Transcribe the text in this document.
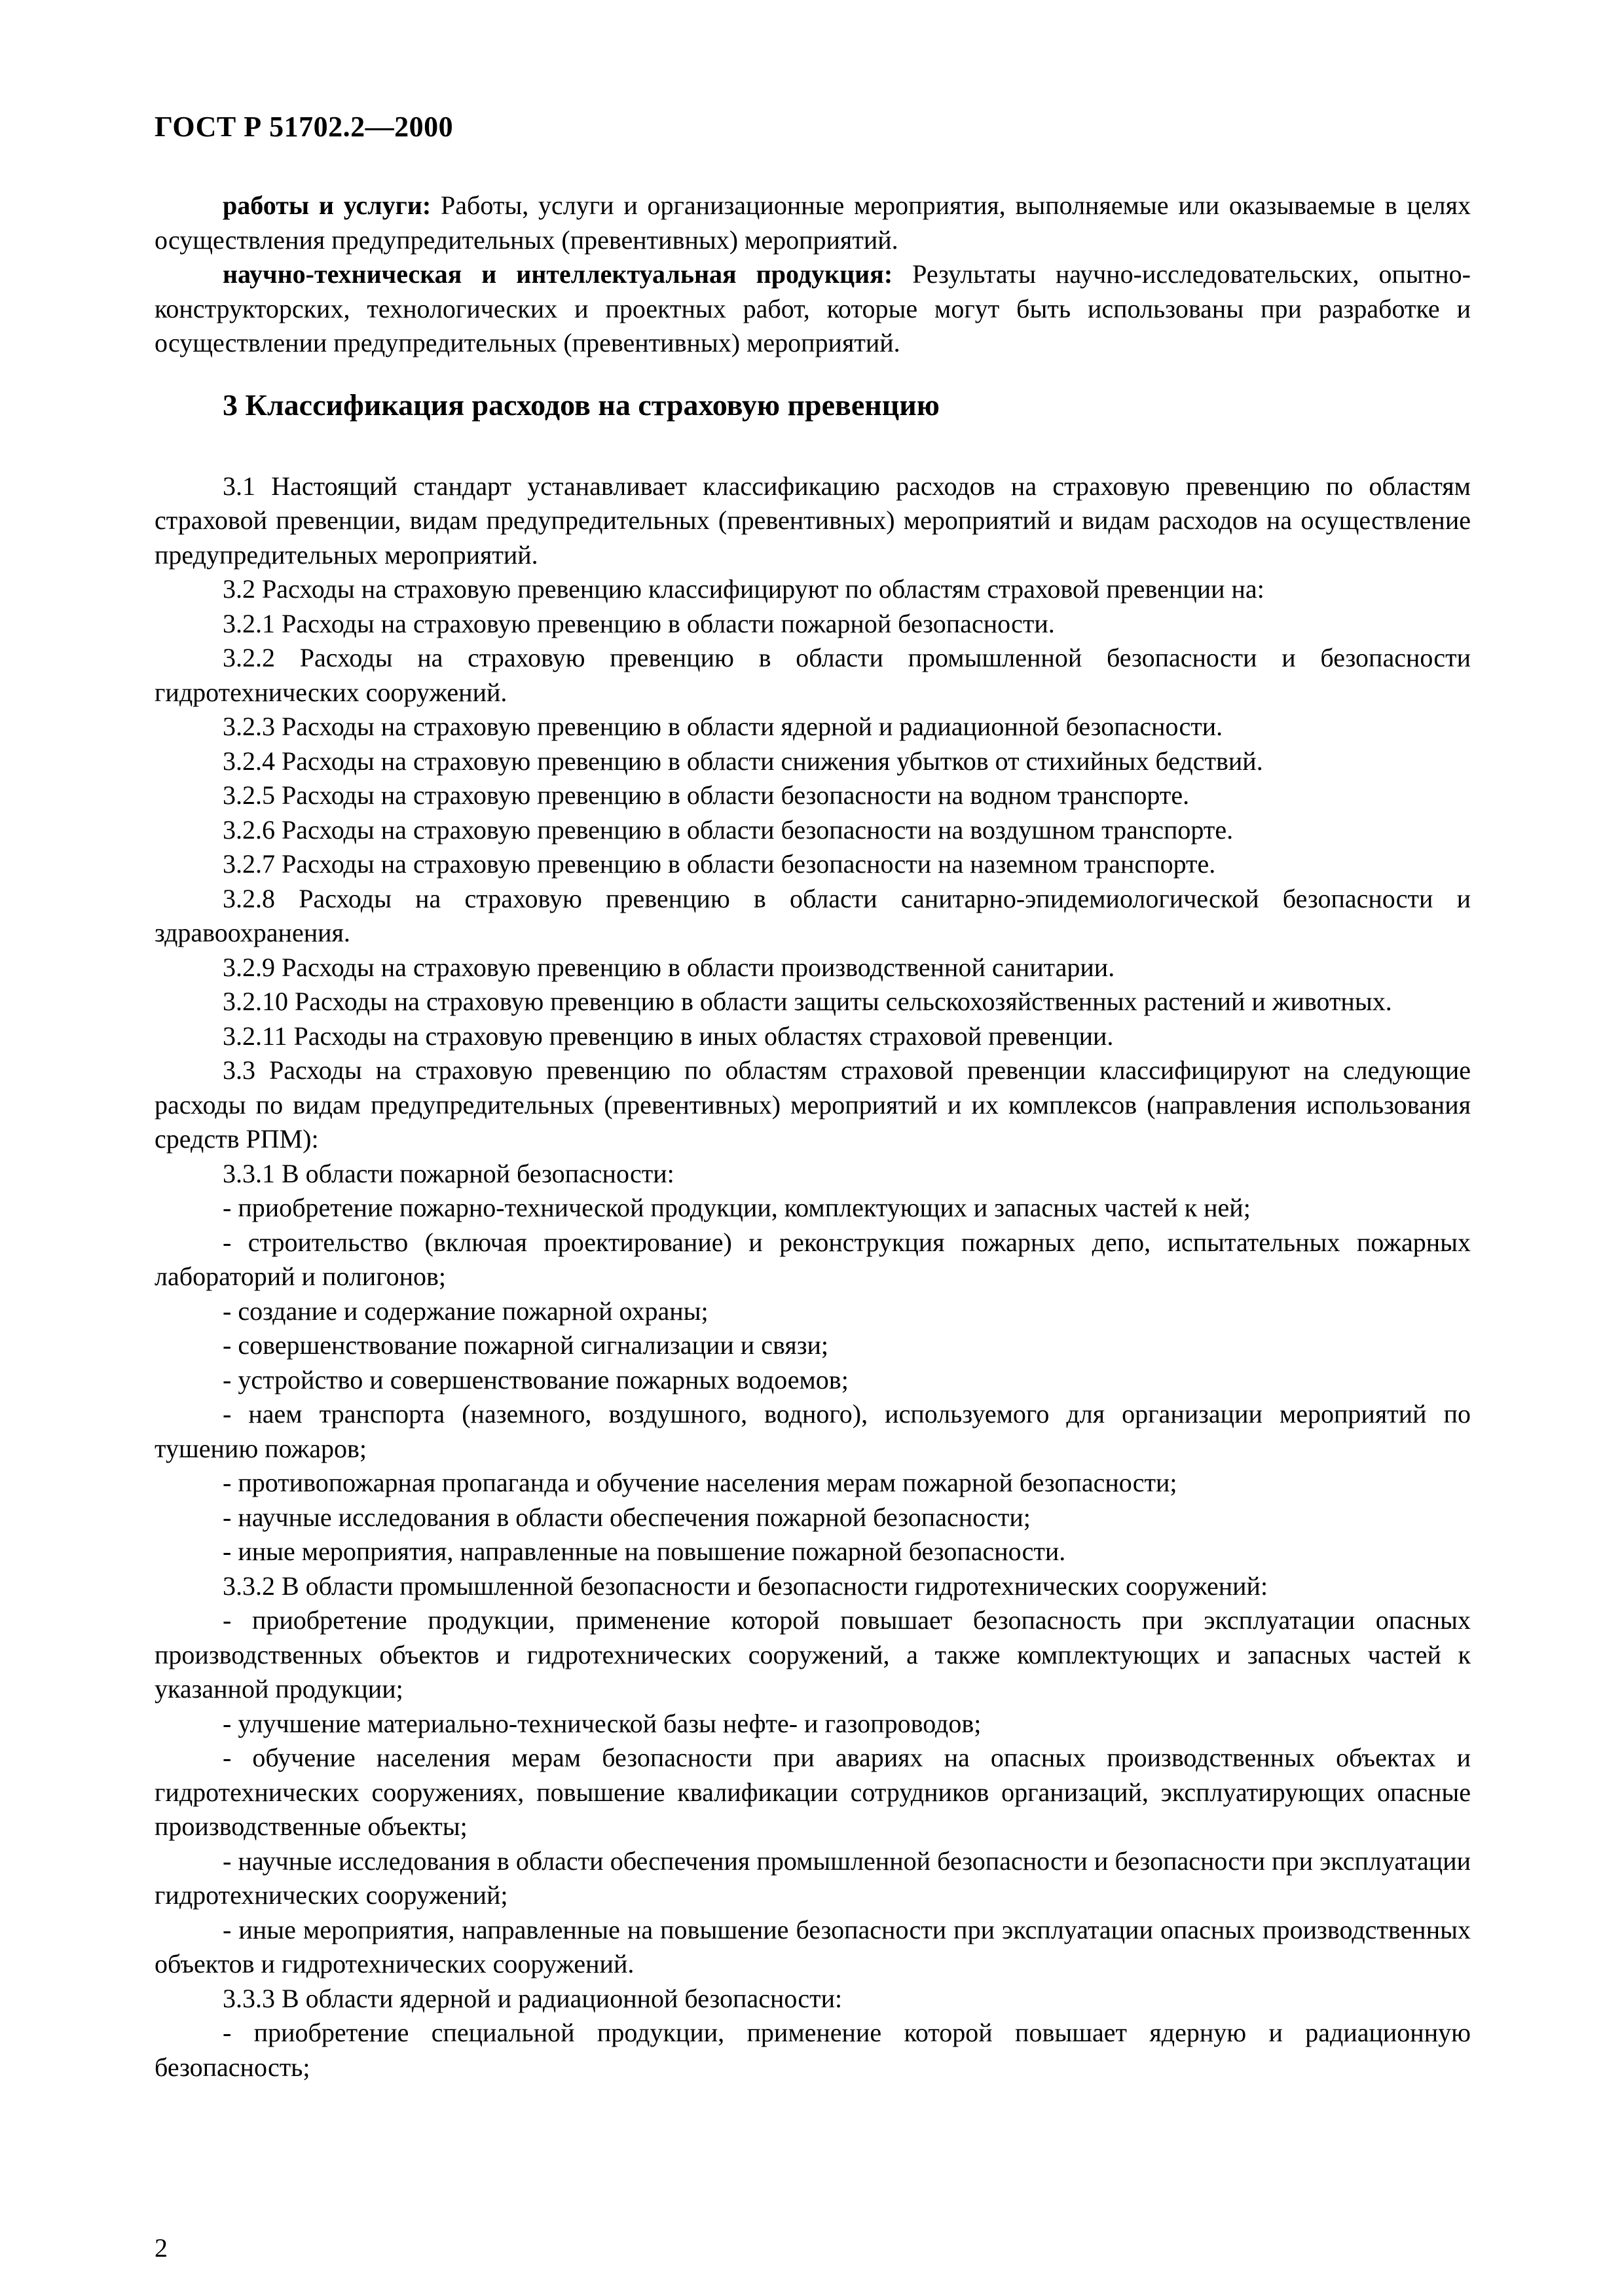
ГОСТ Р 51702.2—2000

работы и услуги: Работы, услуги и организационные мероприятия, выполняемые или оказываемые в целях осуществления предупредительных (превентивных) мероприятий.

научно-техническая и интеллектуальная продукция: Результаты научно-исследовательских, опытно-конструкторских, технологических и проектных работ, которые могут быть использованы при разработке и осуществлении предупредительных (превентивных) мероприятий.

3 Классификация расходов на страховую превенцию

3.1 Настоящий стандарт устанавливает классификацию расходов на страховую превенцию по областям страховой превенции, видам предупредительных (превентивных) мероприятий и видам расходов на осуществление предупредительных мероприятий.

3.2 Расходы на страховую превенцию классифицируют по областям страховой превенции на:

3.2.1 Расходы на страховую превенцию в области пожарной безопасности.

3.2.2 Расходы на страховую превенцию в области промышленной безопасности и безопасности гидротехнических сооружений.

3.2.3 Расходы на страховую превенцию в области ядерной и радиационной безопасности.

3.2.4 Расходы на страховую превенцию в области снижения убытков от стихийных бедствий.

3.2.5 Расходы на страховую превенцию в области безопасности на водном транспорте.

3.2.6 Расходы на страховую превенцию в области безопасности на воздушном транспорте.

3.2.7 Расходы на страховую превенцию в области безопасности на наземном транспорте.

3.2.8 Расходы на страховую превенцию в области санитарно-эпидемиологической безопасности и здравоохранения.

3.2.9 Расходы на страховую превенцию в области производственной санитарии.

3.2.10 Расходы на страховую превенцию в области защиты сельскохозяйственных растений и животных.

3.2.11 Расходы на страховую превенцию в иных областях страховой превенции.

3.3 Расходы на страховую превенцию по областям страховой превенции классифицируют на следующие расходы по видам предупредительных (превентивных) мероприятий и их комплексов (направления использования средств РПМ):

3.3.1 В области пожарной безопасности:

- приобретение пожарно-технической продукции, комплектующих и запасных частей к ней;

- строительство (включая проектирование) и реконструкция пожарных депо, испытательных пожарных лабораторий и полигонов;

- создание и содержание пожарной охраны;

- совершенствование пожарной сигнализации и связи;

- устройство и совершенствование пожарных водоемов;

- наем транспорта (наземного, воздушного, водного), используемого для организации мероприятий по тушению пожаров;

- противопожарная пропаганда и обучение населения мерам пожарной безопасности;

- научные исследования в области обеспечения пожарной безопасности;

- иные мероприятия, направленные на повышение пожарной безопасности.

3.3.2 В области промышленной безопасности и безопасности гидротехнических сооружений:

- приобретение продукции, применение которой повышает безопасность при эксплуатации опасных производственных объектов и гидротехнических сооружений, а также комплектующих и запасных частей к указанной продукции;

- улучшение материально-технической базы нефте- и газопроводов;

- обучение населения мерам безопасности при авариях на опасных производственных объектах и гидротехнических сооружениях, повышение квалификации сотрудников организаций, эксплуатирующих опасные производственные объекты;

- научные исследования в области обеспечения промышленной безопасности и безопасности при эксплуатации гидротехнических сооружений;

- иные мероприятия, направленные на повышение безопасности при эксплуатации опасных производственных объектов и гидротехнических сооружений.

3.3.3 В области ядерной и радиационной безопасности:

- приобретение специальной продукции, применение которой повышает ядерную и радиационную безопасность;

2
